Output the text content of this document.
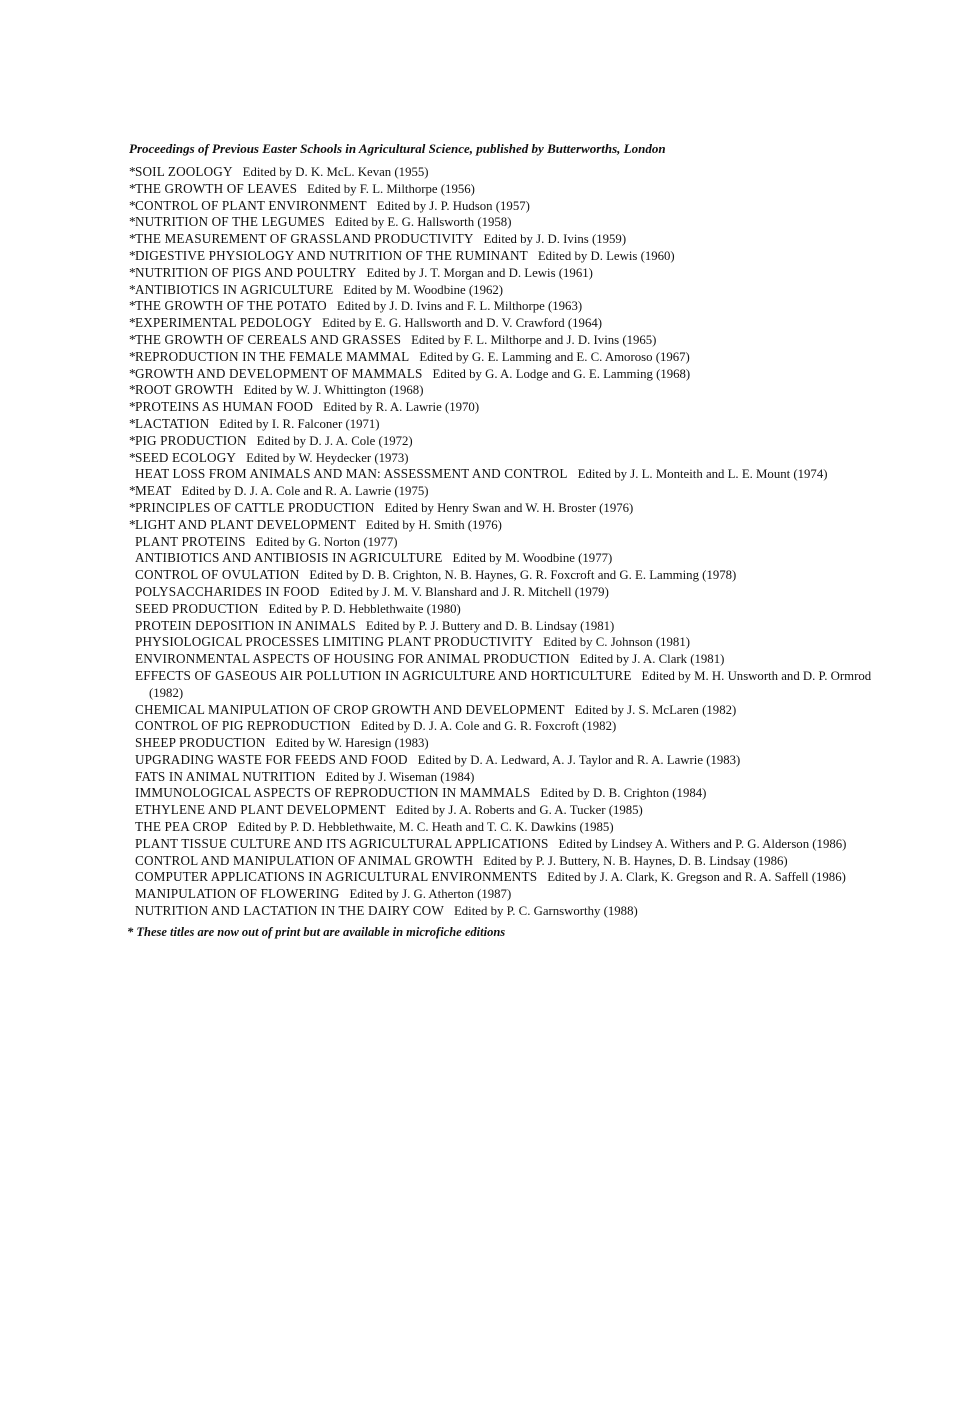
Proceedings of Previous Easter Schools in Agricultural Science, published by Butterworths, London
*SOIL ZOOLOGY Edited by D. K. McL. Kevan (1955)
*THE GROWTH OF LEAVES Edited by F. L. Milthorpe (1956)
*CONTROL OF PLANT ENVIRONMENT Edited by J. P. Hudson (1957)
*NUTRITION OF THE LEGUMES Edited by E. G. Hallsworth (1958)
*THE MEASUREMENT OF GRASSLAND PRODUCTIVITY Edited by J. D. Ivins (1959)
*DIGESTIVE PHYSIOLOGY AND NUTRITION OF THE RUMINANT Edited by D. Lewis (1960)
*NUTRITION OF PIGS AND POULTRY Edited by J. T. Morgan and D. Lewis (1961)
*ANTIBIOTICS IN AGRICULTURE Edited by M. Woodbine (1962)
*THE GROWTH OF THE POTATO Edited by J. D. Ivins and F. L. Milthorpe (1963)
*EXPERIMENTAL PEDOLOGY Edited by E. G. Hallsworth and D. V. Crawford (1964)
*THE GROWTH OF CEREALS AND GRASSES Edited by F. L. Milthorpe and J. D. Ivins (1965)
*REPRODUCTION IN THE FEMALE MAMMAL Edited by G. E. Lamming and E. C. Amoroso (1967)
*GROWTH AND DEVELOPMENT OF MAMMALS Edited by G. A. Lodge and G. E. Lamming (1968)
*ROOT GROWTH Edited by W. J. Whittington (1968)
*PROTEINS AS HUMAN FOOD Edited by R. A. Lawrie (1970)
*LACTATION Edited by I. R. Falconer (1971)
*PIG PRODUCTION Edited by D. J. A. Cole (1972)
*SEED ECOLOGY Edited by W. Heydecker (1973)
HEAT LOSS FROM ANIMALS AND MAN: ASSESSMENT AND CONTROL Edited by J. L. Monteith and L. E. Mount (1974)
*MEAT Edited by D. J. A. Cole and R. A. Lawrie (1975)
*PRINCIPLES OF CATTLE PRODUCTION Edited by Henry Swan and W. H. Broster (1976)
*LIGHT AND PLANT DEVELOPMENT Edited by H. Smith (1976)
PLANT PROTEINS Edited by G. Norton (1977)
ANTIBIOTICS AND ANTIBIOSIS IN AGRICULTURE Edited by M. Woodbine (1977)
CONTROL OF OVULATION Edited by D. B. Crighton, N. B. Haynes, G. R. Foxcroft and G. E. Lamming (1978)
POLYSACCHARIDES IN FOOD Edited by J. M. V. Blanshard and J. R. Mitchell (1979)
SEED PRODUCTION Edited by P. D. Hebblethwaite (1980)
PROTEIN DEPOSITION IN ANIMALS Edited by P. J. Buttery and D. B. Lindsay (1981)
PHYSIOLOGICAL PROCESSES LIMITING PLANT PRODUCTIVITY Edited by C. Johnson (1981)
ENVIRONMENTAL ASPECTS OF HOUSING FOR ANIMAL PRODUCTION Edited by J. A. Clark (1981)
EFFECTS OF GASEOUS AIR POLLUTION IN AGRICULTURE AND HORTICULTURE Edited by M. H. Unsworth and D. P. Ormrod (1982)
CHEMICAL MANIPULATION OF CROP GROWTH AND DEVELOPMENT Edited by J. S. McLaren (1982)
CONTROL OF PIG REPRODUCTION Edited by D. J. A. Cole and G. R. Foxcroft (1982)
SHEEP PRODUCTION Edited by W. Haresign (1983)
UPGRADING WASTE FOR FEEDS AND FOOD Edited by D. A. Ledward, A. J. Taylor and R. A. Lawrie (1983)
FATS IN ANIMAL NUTRITION Edited by J. Wiseman (1984)
IMMUNOLOGICAL ASPECTS OF REPRODUCTION IN MAMMALS Edited by D. B. Crighton (1984)
ETHYLENE AND PLANT DEVELOPMENT Edited by J. A. Roberts and G. A. Tucker (1985)
THE PEA CROP Edited by P. D. Hebblethwaite, M. C. Heath and T. C. K. Dawkins (1985)
PLANT TISSUE CULTURE AND ITS AGRICULTURAL APPLICATIONS Edited by Lindsey A. Withers and P. G. Alderson (1986)
CONTROL AND MANIPULATION OF ANIMAL GROWTH Edited by P. J. Buttery, N. B. Haynes, D. B. Lindsay (1986)
COMPUTER APPLICATIONS IN AGRICULTURAL ENVIRONMENTS Edited by J. A. Clark, K. Gregson and R. A. Saffell (1986)
MANIPULATION OF FLOWERING Edited by J. G. Atherton (1987)
NUTRITION AND LACTATION IN THE DAIRY COW Edited by P. C. Garnsworthy (1988)
* These titles are now out of print but are available in microfiche editions
